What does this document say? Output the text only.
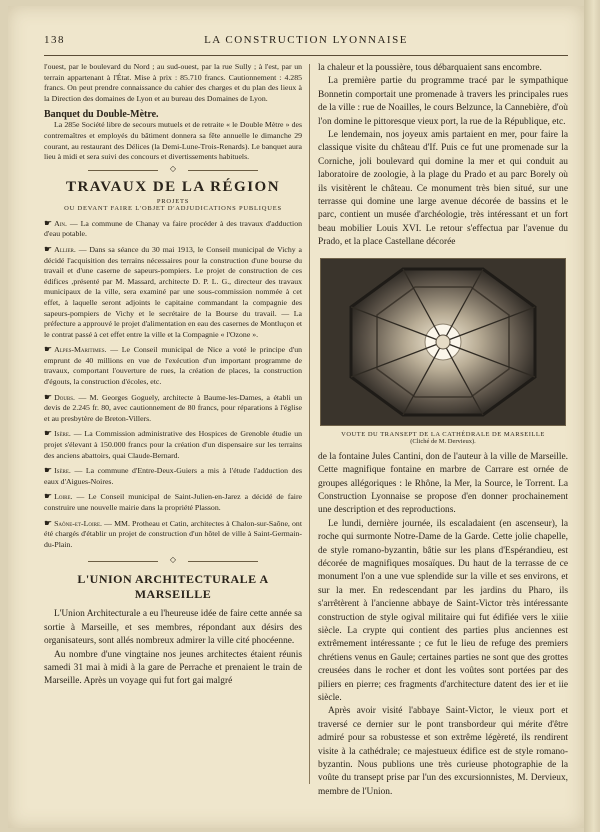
138	LA CONSTRUCTION LYONNAISE

l'ouest, par le boulevard du Nord ; au sud-ouest, par la rue Sully ; à l'est, par un terrain appartenant à l'État. Mise à prix : 85.710 francs. Cautionnement : 4.285 francs. On peut prendre connaissance du cahier des charges et du plan des lieux à la Direction des domaines de Lyon et au bureau des Domaines de Lyon.

Banquet du Double-Mètre.

La 285e Société libre de secours mutuels et de retraite « le Double Mètre » des contremaîtres et employés du bâtiment donnera sa fête annuelle le dimanche 29 courant, au restaurant des Délices (la Demi-Lune-Trois-Renards). Le banquet aura lieu à midi et sera suivi des concours et divertissements habituels.

◇
TRAVAUX DE LA RÉGION
PROJETS
OU DEVANT FAIRE L'OBJET D'ADJUDICATIONS PUBLIQUES

☛ Ain. — La commune de Chanay va faire procéder à des travaux d'adduction d'eau potable.

☛ Allier. — Dans sa séance du 30 mai 1913, le Conseil municipal de Vichy a décidé l'acquisition des terrains nécessaires pour la construction d'une bourse du travail et d'une caserne de sapeurs-pompiers. Le projet de construction de ces édifices ,présenté par M. Massard, architecte D. P. L. G., directeur des travaux municipaux de la ville, sera examiné par une sous-commission nommée à cet effet, à laquelle seront adjoints le capitaine commandant la compagnie des sapeurs-pompiers de Vichy et le secrétaire de la Bourse du travail. — La préfecture a approuvé le projet d'alimentation en eau des casernes de Montluçon et le contrat passé à cet effet entre la ville et la Compagnie « l'Ozone ».

☛ Alpes-Maritimes. — Le Conseil municipal de Nice a voté le principe d'un emprunt de 40 millions en vue de l'exécution d'un important programme de travaux, comportant l'ouverture de rues, la création de places, la construction d'égouts, la construction d'écoles, etc.

☛ Doubs. — M. Georges Goguely, architecte à Baume-les-Dames, a établi un devis de 2.245 fr. 80, avec cautionnement de 80 francs, pour réparations à l'église et au presbytère de Breton-Villers.

☛ Isère. — La Commission administrative des Hospices de Grenoble étudie un projet s'élevant à 150.000 francs pour la création d'un dispensaire sur les terrains des anciens abattoirs, quai Claude-Bernard.

☛ Isère. — La commune d'Entre-Deux-Guiers a mis à l'étude l'adduction des eaux d'Aigues-Noires.

☛ Loire. — Le Conseil municipal de Saint-Julien-en-Jarez a décidé de faire construire une nouvelle mairie dans la propriété Plasson.

☛ Saône-et-Loire. — MM. Protheau et Catin, architectes à Chalon-sur-Saône, ont été chargés d'établir un projet de construction d'un hôtel de ville à Saint-Germain-du-Plain.

◇
L'UNION ARCHITECTURALE A MARSEILLE

L'Union Architecturale a eu l'heureuse idée de faire cette année sa sortie à Marseille, et ses membres, répondant aux désirs des organisateurs, sont allés nombreux admirer la ville cité phocéenne.

Au nombre d'une vingtaine nos jeunes architectes étaient réunis samedi 31 mai à midi à la gare de Perrache et prenaient le train de Marseille. Après un voyage qui fut fort gai malgré

la chaleur et la poussière, tous débarquaient sans encombre.

La première partie du programme tracé par le sympathique Bonnetin comportait une promenade à travers les principales rues de la ville : rue de Noailles, le cours Belzunce, la Cannebière, d'où l'on domine le pittoresque vieux port, la rue de la République, etc.

Le lendemain, nos joyeux amis partaient en mer, pour faire la classique visite du château d'If. Puis ce fut une promenade sur la Corniche, joli boulevard qui domine la mer et qui conduit au laboratoire de zoologie, à la plage du Prado et au parc Borely où ils visitèrent le château. Ce monument très bien situé, sur une terrasse qui domine une large avenue décorée de bassins et le parc, contient un musée d'archéologie, très intéressant et un fort beau mobilier Louis XVI. Le retour s'effectua par l'avenue du Prado, et la place Castellane décorée

VOUTE DU TRANSEPT DE LA CATHÉDRALE DE MARSEILLE
(Cliché de M. Dervieux).

de la fontaine Jules Cantini, don de l'auteur à la ville de Marseille. Cette magnifique fontaine en marbre de Carrare est ornée de groupes allégoriques : le Rhône, la Mer, la Source, le Torrent. La Construction Lyonnaise se propose d'en donner prochainement une description et des reproductions.

Le lundi, dernière journée, ils escaladaient (en ascenseur), la roche qui surmonte Notre-Dame de la Garde. Cette jolie chapelle, de style romano-byzantin, bâtie sur les plans d'Espérandieu, est décorée de magnifiques mosaïques. Du haut de la terrasse de ce monument l'on a une vue splendide sur la ville et ses environs, et sur la mer. En redescendant par les jardins du Pharo, ils s'arrêtèrent à l'ancienne abbaye de Saint-Victor très intéressante construction de style ogival militaire qui fut édifiée vers le xiiie siècle. La crypte qui contient des parties plus anciennes est extrêmement intéressante ; ce fut le lieu de refuge des premiers chrétiens venus en Gaule; certaines parties ne sont que des grottes creusées dans le rocher et dont les voûtes sont portées par des piliers en pierre; ces fragments d'architecture datent des ier et iie siècle.

Après avoir visité l'abbaye Saint-Victor, le vieux port et traversé ce dernier sur le pont transbordeur qui mérite d'être admiré pour sa robustesse et son extrême légèreté, ils rendirent visite à la cathédrale; ce majestueux édifice est de style romano-byzantin. Nous publions une très curieuse photographie de la voûte du transept prise par l'un des excursionnistes, M. Dervieux, membre de l'Union.
